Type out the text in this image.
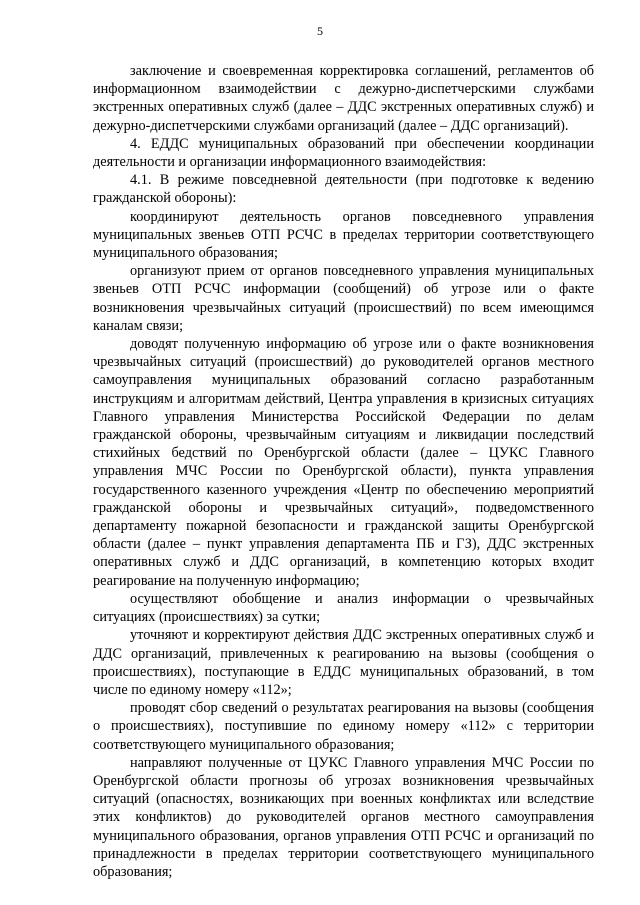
5

заключение и своевременная корректировка соглашений, регламентов об информационном взаимодействии с дежурно-диспетчерскими службами экстренных оперативных служб (далее – ДДС экстренных оперативных служб) и дежурно-диспетчерскими службами организаций (далее – ДДС организаций).

4. ЕДДС муниципальных образований при обеспечении координации деятельности и организации информационного взаимодействия:

4.1. В режиме повседневной деятельности (при подготовке к ведению гражданской обороны):

координируют деятельность органов повседневного управления муниципальных звеньев ОТП РСЧС в пределах территории соответствующего муниципального образования;

организуют прием от органов повседневного управления муниципальных звеньев ОТП РСЧС информации (сообщений) об угрозе или о факте возникновения чрезвычайных ситуаций (происшествий) по всем имеющимся каналам связи;

доводят полученную информацию об угрозе или о факте возникновения чрезвычайных ситуаций (происшествий) до руководителей органов местного самоуправления муниципальных образований согласно разработанным инструкциям и алгоритмам действий, Центра управления в кризисных ситуациях Главного управления Министерства Российской Федерации по делам гражданской обороны, чрезвычайным ситуациям и ликвидации последствий стихийных бедствий по Оренбургской области (далее – ЦУКС Главного управления МЧС России по Оренбургской области), пункта управления государственного казенного учреждения «Центр по обеспечению мероприятий гражданской обороны и чрезвычайных ситуаций», подведомственного департаменту пожарной безопасности и гражданской защиты Оренбургской области (далее – пункт управления департамента ПБ и ГЗ), ДДС экстренных оперативных служб и ДДС организаций, в компетенцию которых входит реагирование на полученную информацию;

осуществляют обобщение и анализ информации о чрезвычайных ситуациях (происшествиях) за сутки;

уточняют и корректируют действия ДДС экстренных оперативных служб и ДДС организаций, привлеченных к реагированию на вызовы (сообщения о происшествиях), поступающие в ЕДДС муниципальных образований, в том числе по единому номеру «112»;

проводят сбор сведений о результатах реагирования на вызовы (сообщения о происшествиях), поступившие по единому номеру «112» с территории соответствующего муниципального образования;

направляют полученные от ЦУКС Главного управления МЧС России по Оренбургской области прогнозы об угрозах возникновения чрезвычайных ситуаций (опасностях, возникающих при военных конфликтах или вследствие этих конфликтов) до руководителей органов местного самоуправления муниципального образования, органов управления ОТП РСЧС и организаций по принадлежности в пределах территории соответствующего муниципального образования;
